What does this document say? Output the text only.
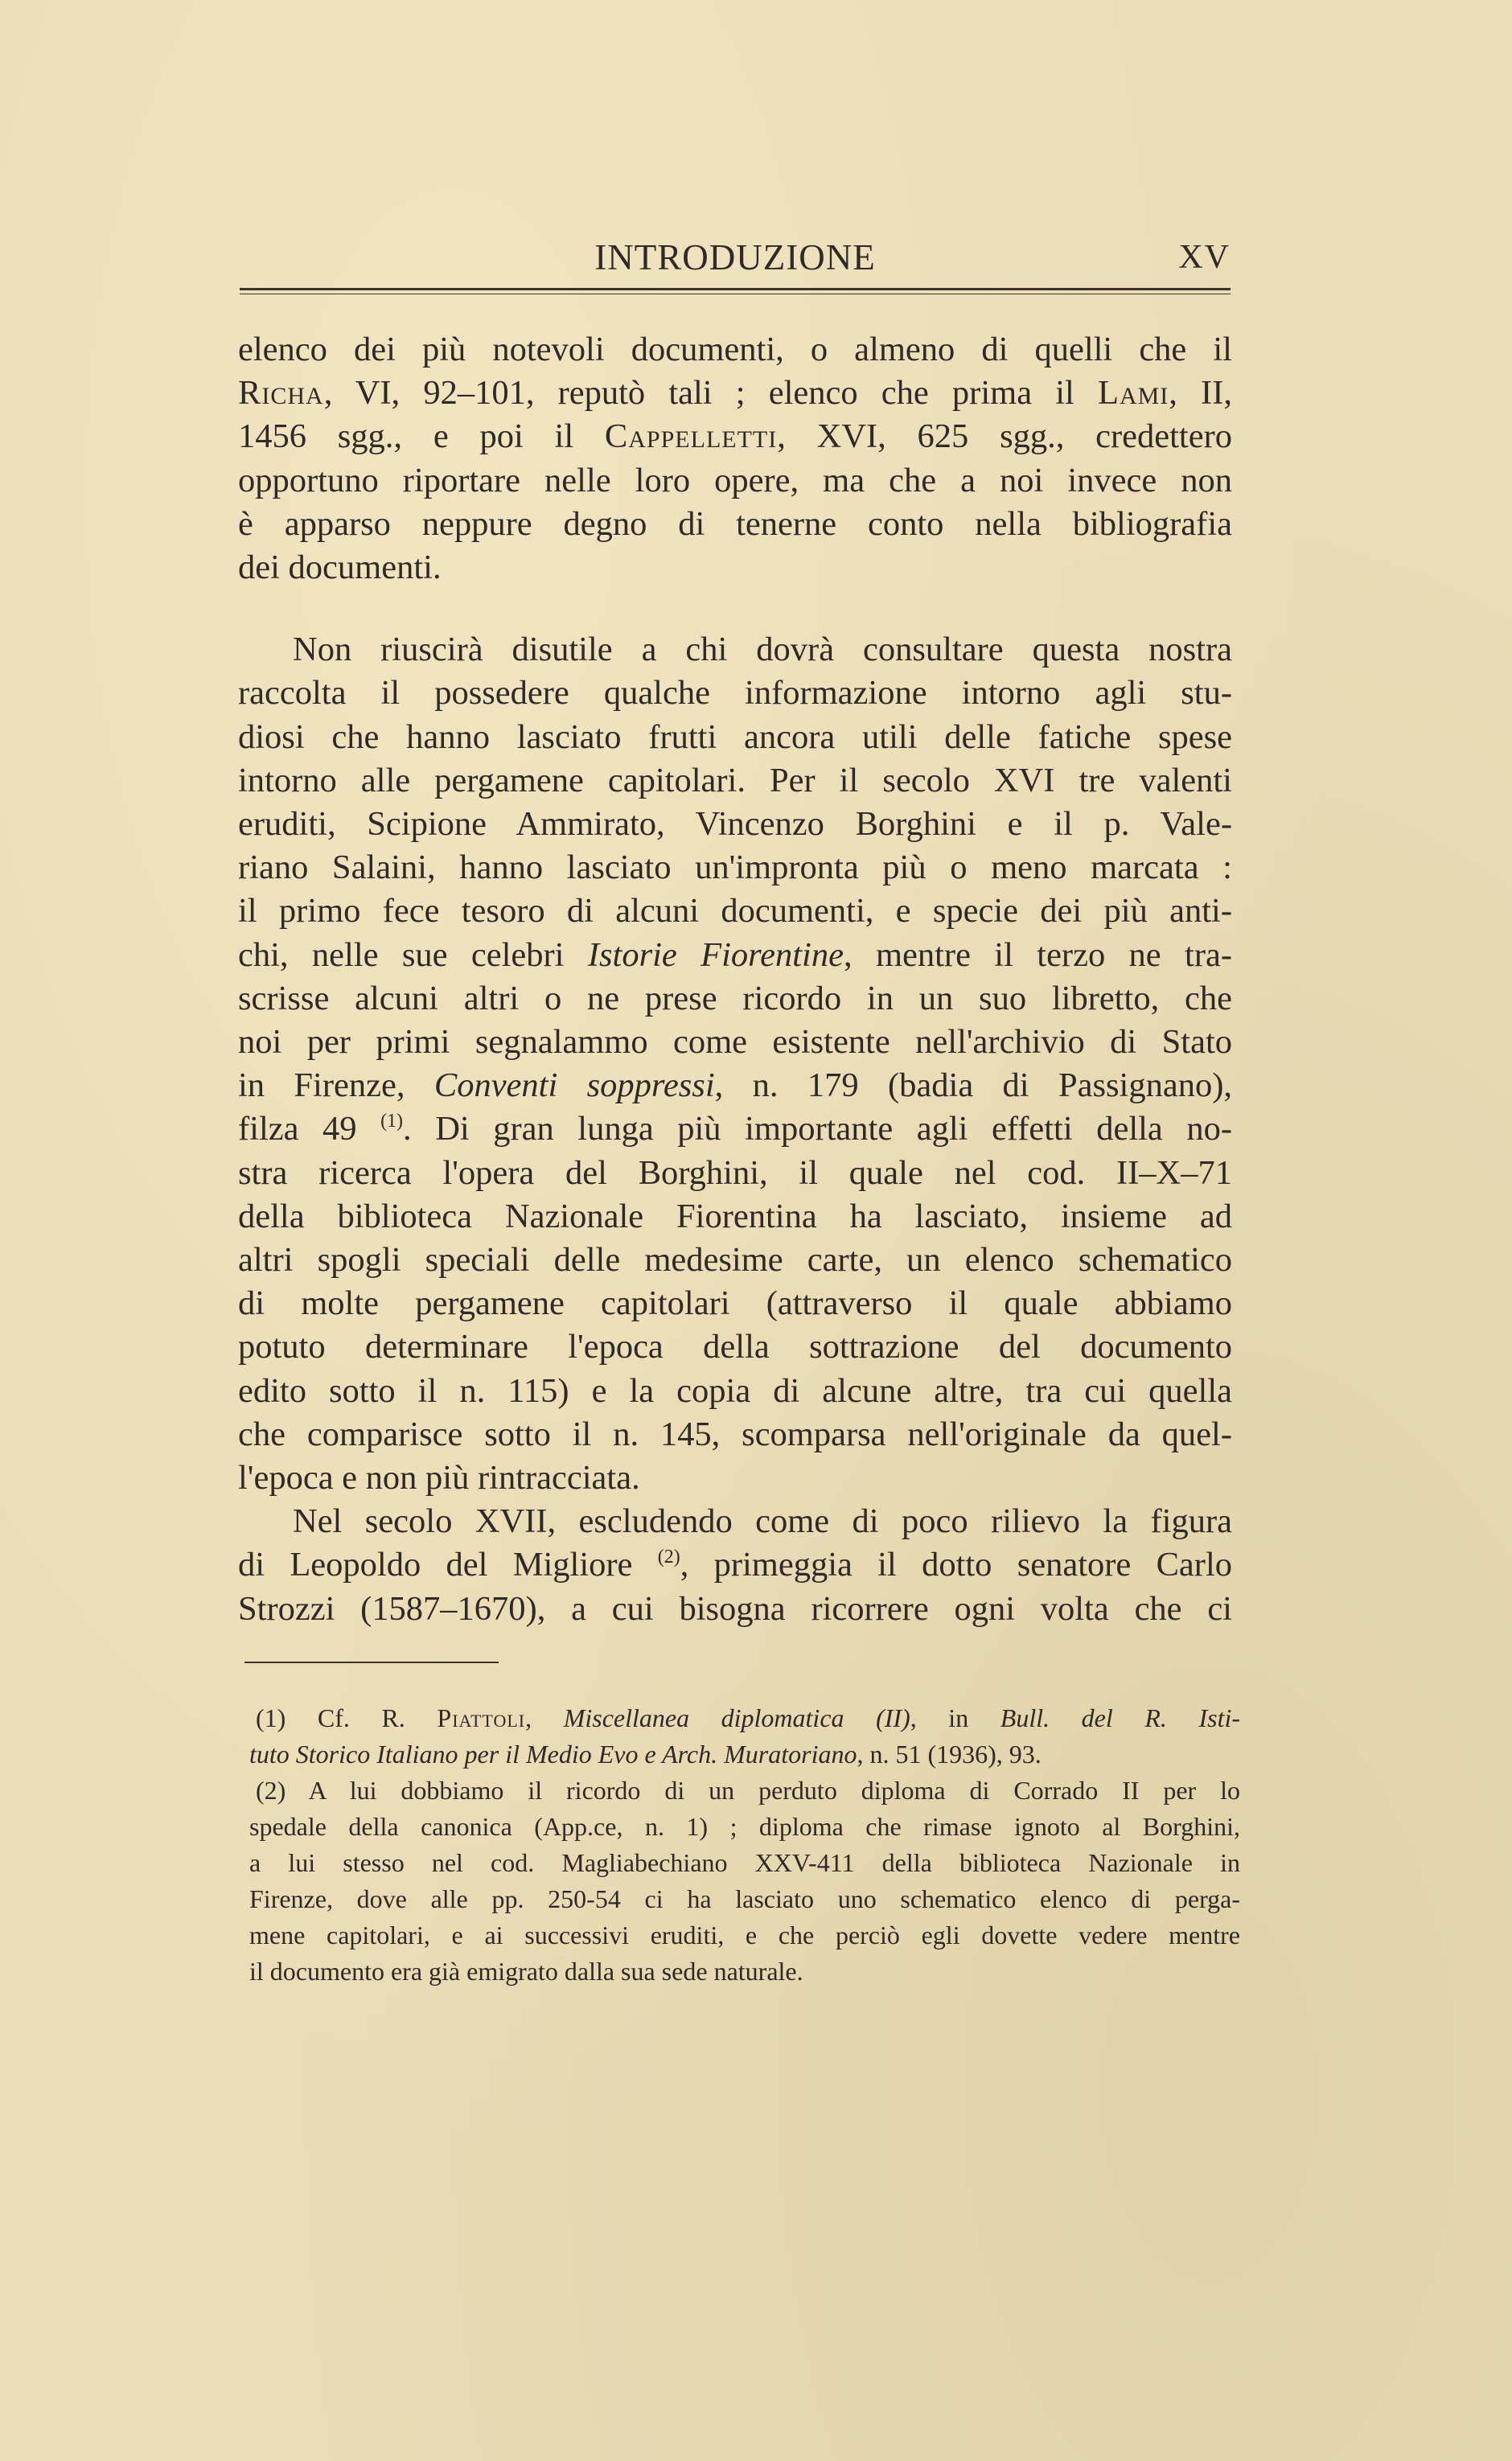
INTRODUZIONE	XV

elenco dei più notevoli documenti, o almeno di quelli che il
Richa, VI, 92–101, reputò tali ; elenco che prima il Lami, II,
1456 sgg., e poi il Cappelletti, XVI, 625 sgg., credettero
opportuno riportare nelle loro opere, ma che a noi invece non
è apparso neppure degno di tenerne conto nella bibliografia
dei documenti.

Non riuscirà disutile a chi dovrà consultare questa nostra
raccolta il possedere qualche informazione intorno agli stu-
diosi che hanno lasciato frutti ancora utili delle fatiche spese
intorno alle pergamene capitolari. Per il secolo XVI tre valenti
eruditi, Scipione Ammirato, Vincenzo Borghini e il p. Vale-
riano Salaini, hanno lasciato un'impronta più o meno marcata :
il primo fece tesoro di alcuni documenti, e specie dei più anti-
chi, nelle sue celebri Istorie Fiorentine, mentre il terzo ne tra-
scrisse alcuni altri o ne prese ricordo in un suo libretto, che
noi per primi segnalammo come esistente nell'archivio di Stato
in Firenze, Conventi soppressi, n. 179 (badia di Passignano),
filza 49 $^{(1)}$. Di gran lunga più importante agli effetti della no-
stra ricerca l'opera del Borghini, il quale nel cod. II–X–71
della biblioteca Nazionale Fiorentina ha lasciato, insieme ad
altri spogli speciali delle medesime carte, un elenco schematico
di molte pergamene capitolari (attraverso il quale abbiamo
potuto determinare l'epoca della sottrazione del documento
edito sotto il n. 115) e la copia di alcune altre, tra cui quella
che comparisce sotto il n. 145, scomparsa nell'originale da quel-
l'epoca e non più rintracciata.

Nel secolo XVII, escludendo come di poco rilievo la figura
di Leopoldo del Migliore $^{(2)}$, primeggia il dotto senatore Carlo
Strozzi (1587–1670), a cui bisogna ricorrere ogni volta che ci

(1) Cf. R. Piattoli, Miscellanea diplomatica (II), in Bull. del R. Isti-
tuto Storico Italiano per il Medio Evo e Arch. Muratoriano, n. 51 (1936), 93.
(2) A lui dobbiamo il ricordo di un perduto diploma di Corrado II per lo
spedale della canonica (App.ce, n. 1) ; diploma che rimase ignoto al Borghini,
a lui stesso nel cod. Magliabechiano XXV-411 della biblioteca Nazionale in
Firenze, dove alle pp. 250-54 ci ha lasciato uno schematico elenco di perga-
mene capitolari, e ai successivi eruditi, e che perciò egli dovette vedere mentre
il documento era già emigrato dalla sua sede naturale.
